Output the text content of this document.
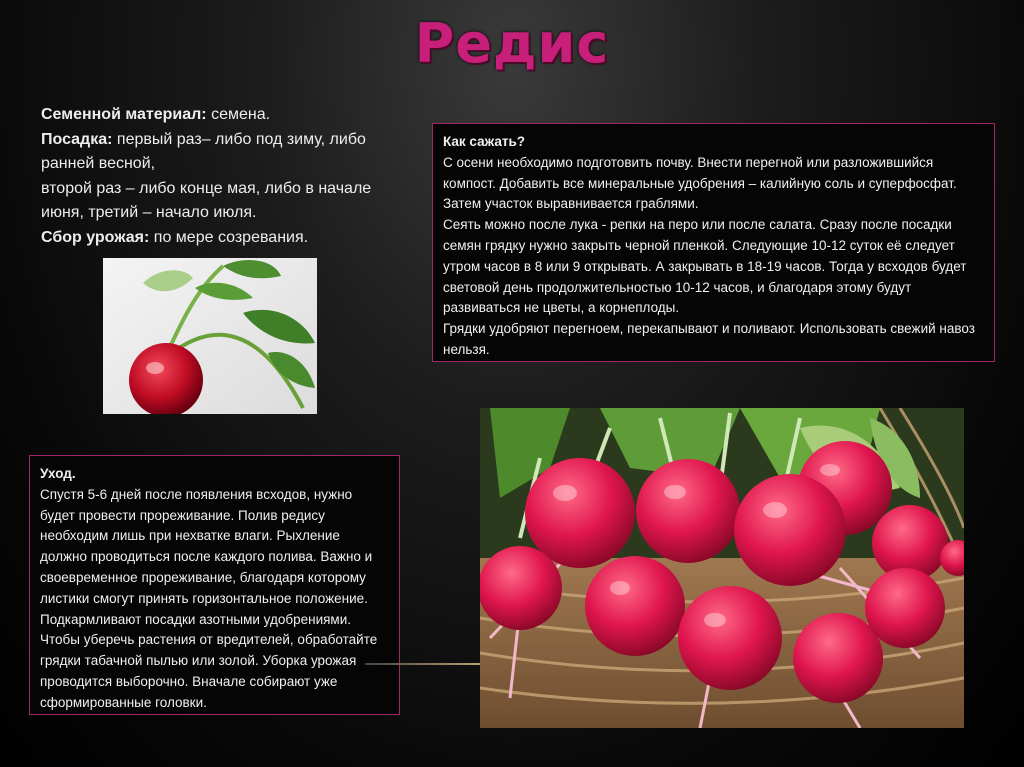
Редис
Семенной материал: семена.
Посадка: первый раз– либо под зиму, либо ранней весной,
второй раз – либо конце мая, либо в начале июня, третий – начало июля.
Сбор урожая: по мере созревания.
Как сажать?

С осени необходимо подготовить почву. Внести перегной или разложившийся компост. Добавить все минеральные удобрения – калийную соль и суперфосфат. Затем участок выравнивается граблями.

Сеять можно после лука - репки на перо или после салата. Сразу после посадки семян грядку нужно закрыть черной пленкой. Следующие 10-12 суток её следует утром часов в 8 или 9 открывать. А закрывать в 18-19 часов. Тогда у всходов будет световой день продолжительностью 10-12 часов, и благодаря этому будут развиваться не цветы, а корнеплоды.

Грядки удобряют перегноем, перекапывают и поливают. Использовать свежий навоз нельзя.

Уход.

Спустя 5-6 дней после появления всходов, нужно будет провести прореживание. Полив редису необходим лишь при нехватке влаги. Рыхление должно проводиться после каждого полива. Важно и своевременное прореживание, благодаря которому листики смогут принять горизонтальное положение. Подкармливают посадки азотными удобрениями. Чтобы уберечь растения от вредителей, обработайте грядки табачной пылью или золой. Уборка урожая проводится выборочно. Вначале собирают уже сформированные головки.
